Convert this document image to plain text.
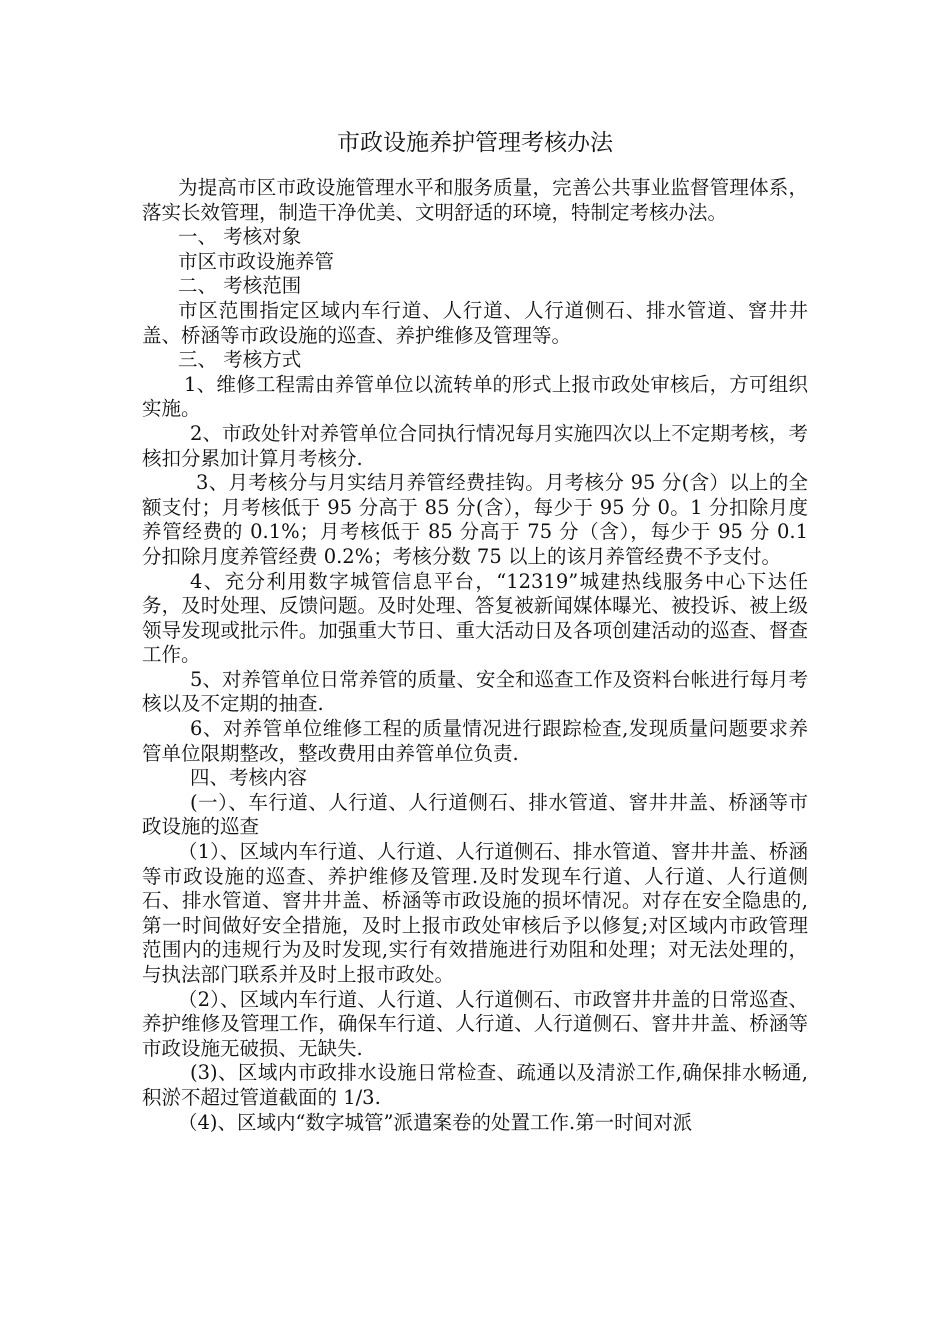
市政设施养护管理考核办法

为提高市区市政设施管理水平和服务质量，完善公共事业监督管理体系，落实长效管理，制造干净优美、文明舒适的环境，特制定考核办法。

一、 考核对象

市区市政设施养管

二、 考核范围

市区范围指定区域内车行道、人行道、人行道侧石、排水管道、窨井井盖、桥涵等市政设施的巡查、养护维修及管理等。

三、 考核方式

1、维修工程需由养管单位以流转单的形式上报市政处审核后，方可组织实施。

2、市政处针对养管单位合同执行情况每月实施四次以上不定期考核，考核扣分累加计算月考核分.

3、月考核分与月实结月养管经费挂钩。月考核分 95 分(含）以上的全额支付；月考核低于 95 分高于 85 分(含），每少于 95 分 0。1 分扣除月度养管经费的 0.1%；月考核低于 85 分高于 75 分（含），每少于 95 分 0.1 分扣除月度养管经费 0.2%；考核分数 75 以上的该月养管经费不予支付。

4、充分利用数字城管信息平台，“12319”城建热线服务中心下达任务，及时处理、反馈问题。及时处理、答复被新闻媒体曝光、被投诉、被上级领导发现或批示件。加强重大节日、重大活动日及各项创建活动的巡查、督查工作。

5、对养管单位日常养管的质量、安全和巡查工作及资料台帐进行每月考核以及不定期的抽查.

6、对养管单位维修工程的质量情况进行跟踪检查,发现质量问题要求养管单位限期整改，整改费用由养管单位负责.

四、考核内容

(一）、车行道、人行道、人行道侧石、排水管道、窨井井盖、桥涵等市政设施的巡查

（1）、区域内车行道、人行道、人行道侧石、排水管道、窨井井盖、桥涵等市政设施的巡查、养护维修及管理.及时发现车行道、人行道、人行道侧石、排水管道、窨井井盖、桥涵等市政设施的损坏情况。对存在安全隐患的,第一时间做好安全措施，及时上报市政处审核后予以修复;对区域内市政管理范围内的违规行为及时发现,实行有效措施进行劝阻和处理；对无法处理的，与执法部门联系并及时上报市政处。

（2）、区域内车行道、人行道、人行道侧石、市政窨井井盖的日常巡查、养护维修及管理工作，确保车行道、人行道、人行道侧石、窨井井盖、桥涵等市政设施无破损、无缺失.

(3)、区域内市政排水设施日常检查、疏通以及清淤工作,确保排水畅通,积淤不超过管道截面的 1/3.

（4)、区域内“数字城管”派遣案卷的处置工作.第一时间对派
